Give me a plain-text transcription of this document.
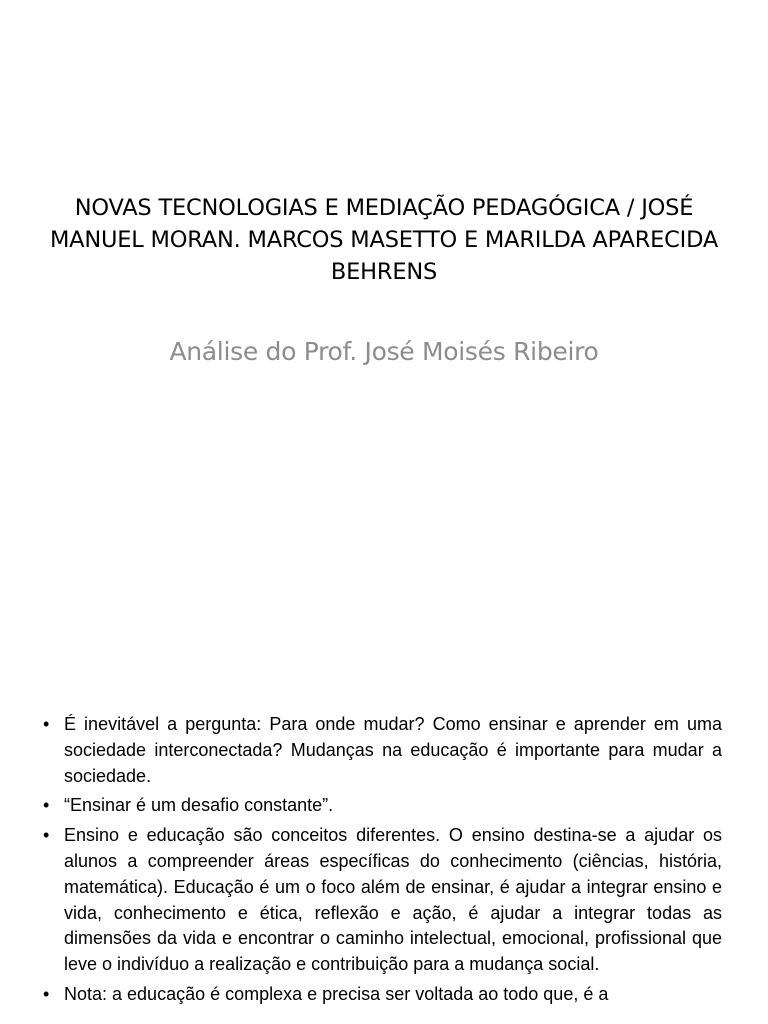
NOVAS TECNOLOGIAS E MEDIAÇÃO PEDAGÓGICA / JOSÉ MANUEL MORAN. MARCOS MASETTO E MARILDA APARECIDA BEHRENS

Análise do Prof. José Moisés Ribeiro

• É inevitável a pergunta: Para onde mudar? Como ensinar e aprender em uma sociedade interconectada? Mudanças na educação é importante para mudar a sociedade.
• “Ensinar é um desafio constante”.
• Ensino e educação são conceitos diferentes. O ensino destina-se a ajudar os alunos a compreender áreas específicas do conhecimento (ciências, história, matemática). Educação é um o foco além de ensinar, é ajudar a integrar ensino e vida, conhecimento e ética, reflexão e ação, é ajudar a integrar todas as dimensões da vida e encontrar o caminho intelectual, emocional, profissional que leve o indivíduo a realização e contribuição para a mudança social.
• Nota: a educação é complexa e precisa ser voltada ao todo que, é a
